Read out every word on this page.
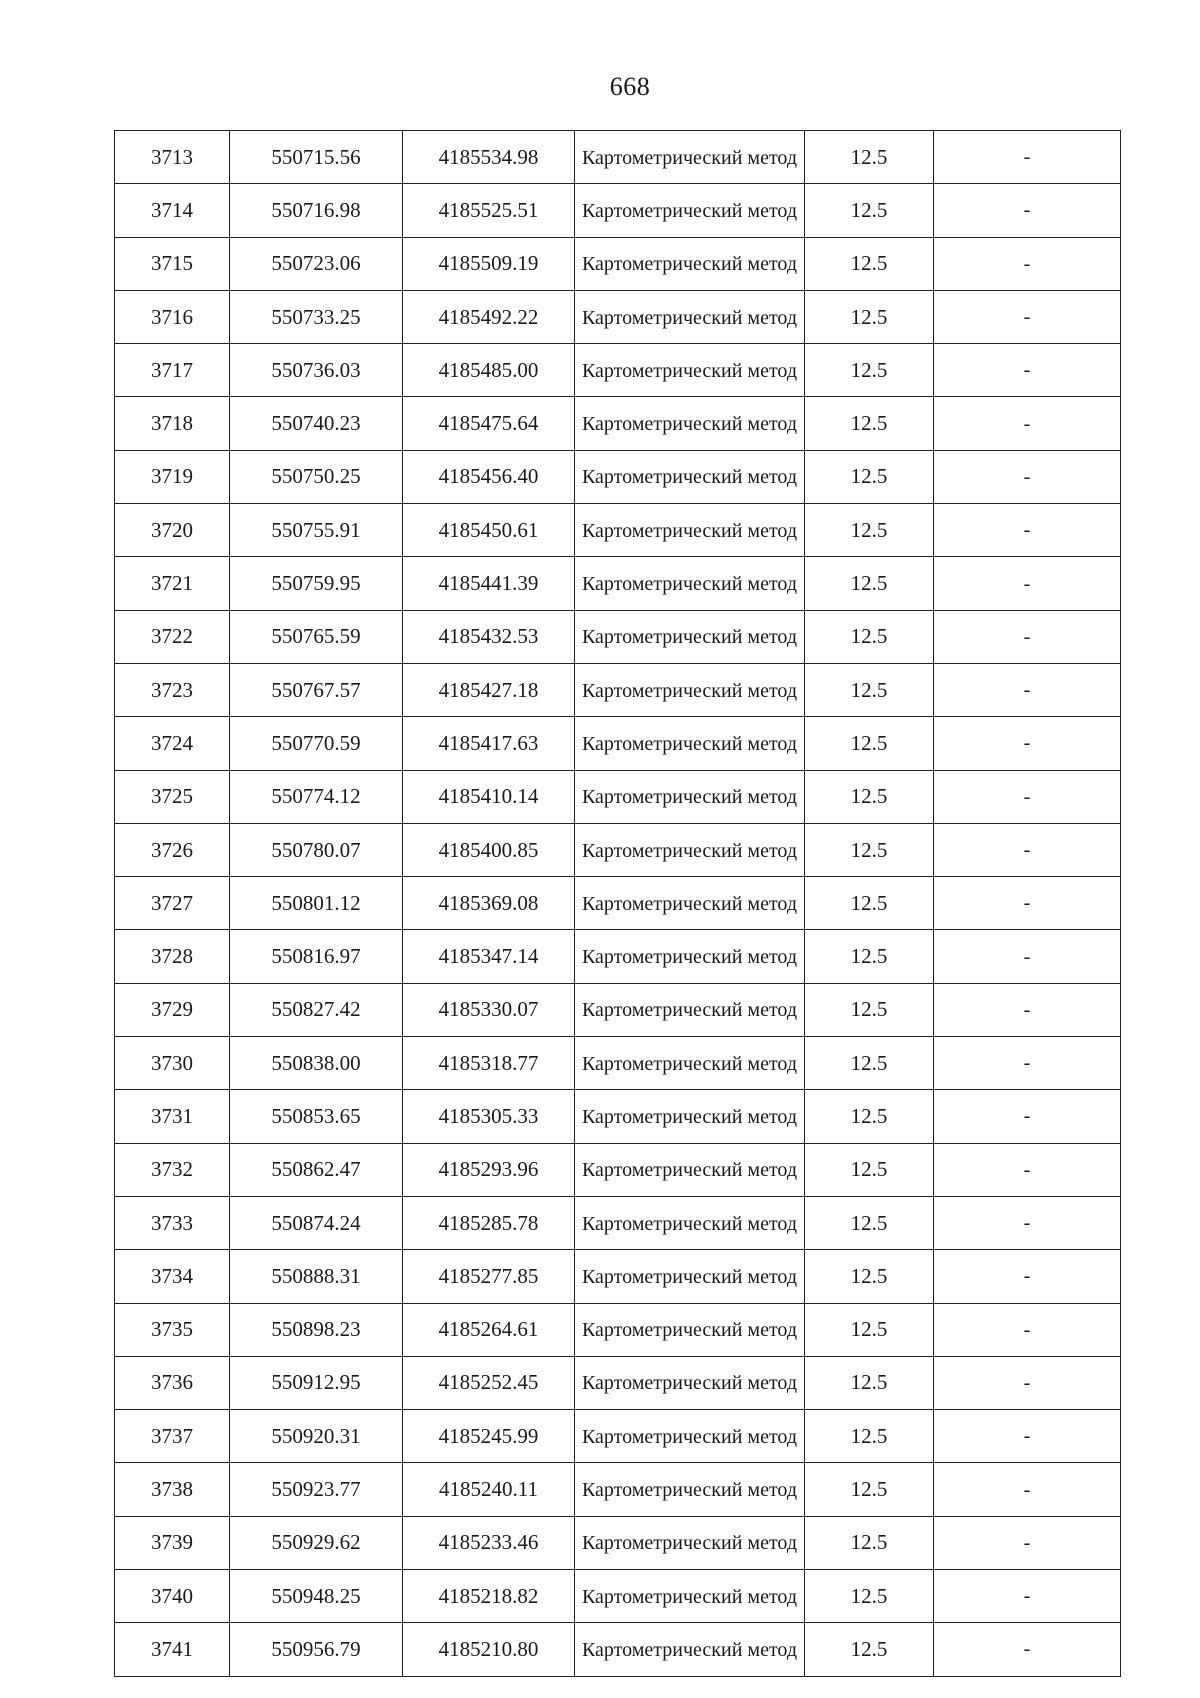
668
3713	550715.56	4185534.98	Картометрический метод	12.5	-
3714	550716.98	4185525.51	Картометрический метод	12.5	-
3715	550723.06	4185509.19	Картометрический метод	12.5	-
3716	550733.25	4185492.22	Картометрический метод	12.5	-
3717	550736.03	4185485.00	Картометрический метод	12.5	-
3718	550740.23	4185475.64	Картометрический метод	12.5	-
3719	550750.25	4185456.40	Картометрический метод	12.5	-
3720	550755.91	4185450.61	Картометрический метод	12.5	-
3721	550759.95	4185441.39	Картометрический метод	12.5	-
3722	550765.59	4185432.53	Картометрический метод	12.5	-
3723	550767.57	4185427.18	Картометрический метод	12.5	-
3724	550770.59	4185417.63	Картометрический метод	12.5	-
3725	550774.12	4185410.14	Картометрический метод	12.5	-
3726	550780.07	4185400.85	Картометрический метод	12.5	-
3727	550801.12	4185369.08	Картометрический метод	12.5	-
3728	550816.97	4185347.14	Картометрический метод	12.5	-
3729	550827.42	4185330.07	Картометрический метод	12.5	-
3730	550838.00	4185318.77	Картометрический метод	12.5	-
3731	550853.65	4185305.33	Картометрический метод	12.5	-
3732	550862.47	4185293.96	Картометрический метод	12.5	-
3733	550874.24	4185285.78	Картометрический метод	12.5	-
3734	550888.31	4185277.85	Картометрический метод	12.5	-
3735	550898.23	4185264.61	Картометрический метод	12.5	-
3736	550912.95	4185252.45	Картометрический метод	12.5	-
3737	550920.31	4185245.99	Картометрический метод	12.5	-
3738	550923.77	4185240.11	Картометрический метод	12.5	-
3739	550929.62	4185233.46	Картометрический метод	12.5	-
3740	550948.25	4185218.82	Картометрический метод	12.5	-
3741	550956.79	4185210.80	Картометрический метод	12.5	-
